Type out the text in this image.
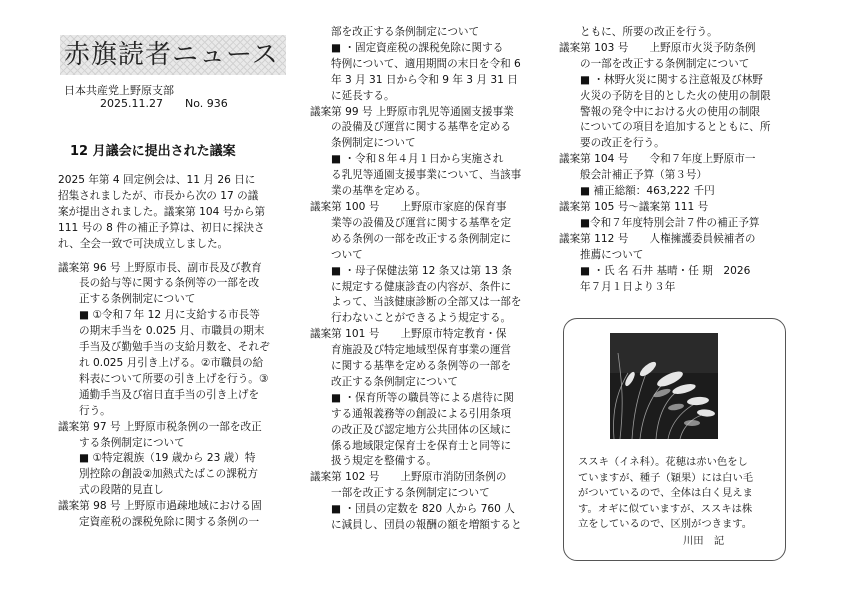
赤旗読者ニュース
日本共産党上野原支部
2025.11.27 No. 936
12 月議会に提出された議案

2025 年第 4 回定例会は、11 月 26 日に

招集されましたが、市長から次の 17 の議

案が提出されました。議案第 104 号から第

111 号の 8 件の補正予算は、初日に採決さ

れ、全会一致で可決成立しました。

議案第 96 号 上野原市長、副市長及び教育

長の給与等に関する条例等の一部を改

正する条例制定について

■ ①令和７年 12 月に支給する市長等

の期末手当を 0.025 月、市職員の期末

手当及び勤勉手当の支給月数を、それぞ

れ 0.025 月引き上げる。②市職員の給

料表について所要の引き上げを行う。③

通勤手当及び宿日直手当の引き上げを

行う。

議案第 97 号 上野原市税条例の一部を改正

する条例制定について

■ ①特定親族（19 歳から 23 歳）特

別控除の創設②加熱式たばこの課税方

式の段階的見直し

議案第 98 号 上野原市過疎地域における固

定資産税の課税免除に関する条例の一

部を改正する条例制定について

■ ・固定資産税の課税免除に関する

特例について、適用期間の末日を令和 6

年 3 月 31 日から令和 9 年 3 月 31 日

に延長する。

議案第 99 号 上野原市乳児等通園支援事業

の設備及び運営に関する基準を定める

条例制定について

■ ・令和８年４月１日から実施され

る乳児等通園支援事業について、当該事

業の基準を定める。

議案第 100 号　　上野原市家庭的保育事

業等の設備及び運営に関する基準を定

める条例の一部を改正する条例制定に

ついて

■ ・母子保健法第 12 条又は第 13 条

に規定する健康診査の内容が、条件に

よって、当該健康診断の全部又は一部を

行わないことができるよう規定する。

議案第 101 号　　上野原市特定教育・保

育施設及び特定地域型保育事業の運営

に関する基準を定める条例等の一部を

改正する条例制定について

■ ・保育所等の職員等による虐待に関

する通報義務等の創設による引用条項

の改正及び認定地方公共団体の区域に

係る地域限定保育士を保育士と同等に

扱う規定を整備する。

議案第 102 号　　上野原市消防団条例の

一部を改正する条例制定について

■ ・団員の定数を 820 人から 760 人

に減員し、団員の報酬の額を増額すると

ともに、所要の改正を行う。

議案第 103 号　　上野原市火災予防条例

の一部を改正する条例制定について

■ ・林野火災に関する注意報及び林野

火災の予防を目的とした火の使用の制限

警報の発令中における火の使用の制限

についての項目を追加するとともに、所

要の改正を行う。

議案第 104 号　　令和７年度上野原市一

般会計補正予算（第３号）

■ 補正総額：463,222 千円

議案第 105 号～議案第 111 号

■令和７年度特別会計７件の補正予算

議案第 112 号　　人権擁護委員候補者の

推薦について

■ ・氏 名 石井 基晴・任 期　2026

年７月１日より３年

ススキ（イネ科）。花穂は赤い色をし

ていますが、種子（穎果）には白い毛

がついているので、全体は白く見えま

す。オギに似ていますが、ススキは株

立をしているので、区別がつきます。

川田　記
